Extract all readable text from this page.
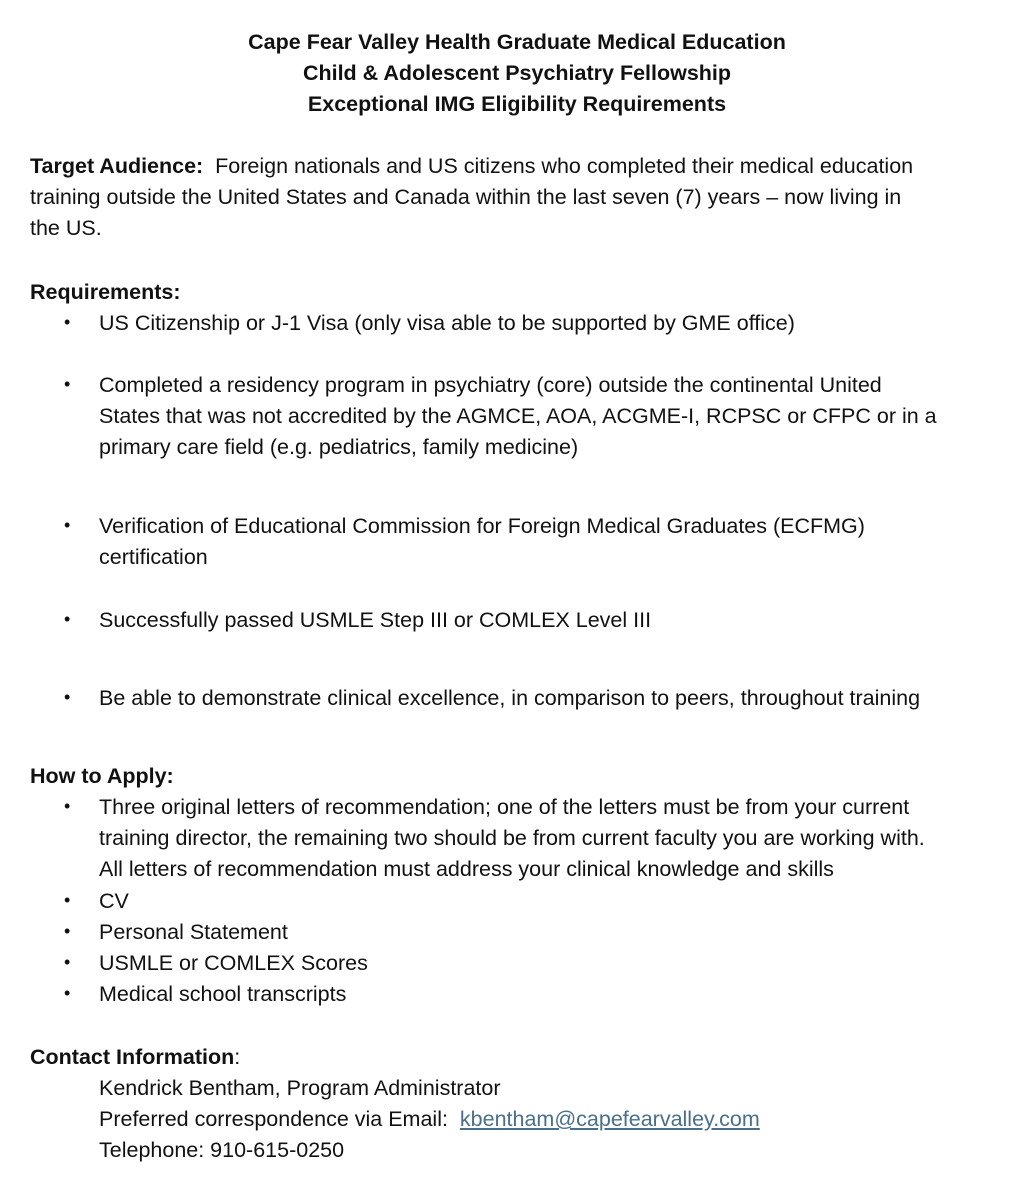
Cape Fear Valley Health Graduate Medical Education
Child & Adolescent Psychiatry Fellowship
Exceptional IMG Eligibility Requirements
Target Audience: Foreign nationals and US citizens who completed their medical education
training outside the United States and Canada within the last seven (7) years – now living in
the US.
Requirements:
•	US Citizenship or J-1 Visa (only visa able to be supported by GME office)
•	Completed a residency program in psychiatry (core) outside the continental United
States that was not accredited by the AGMCE, AOA, ACGME-I, RCPSC or CFPC or in a
primary care field (e.g. pediatrics, family medicine)
•	Verification of Educational Commission for Foreign Medical Graduates (ECFMG)
certification
•	Successfully passed USMLE Step III or COMLEX Level III
•	Be able to demonstrate clinical excellence, in comparison to peers, throughout training
How to Apply:
•	Three original letters of recommendation; one of the letters must be from your current
training director, the remaining two should be from current faculty you are working with.
All letters of recommendation must address your clinical knowledge and skills
•	CV
•	Personal Statement
•	USMLE or COMLEX Scores
•	Medical school transcripts
Contact Information:
Kendrick Bentham, Program Administrator
Preferred correspondence via Email: kbentham@capefearvalley.com
Telephone: 910-615-0250
